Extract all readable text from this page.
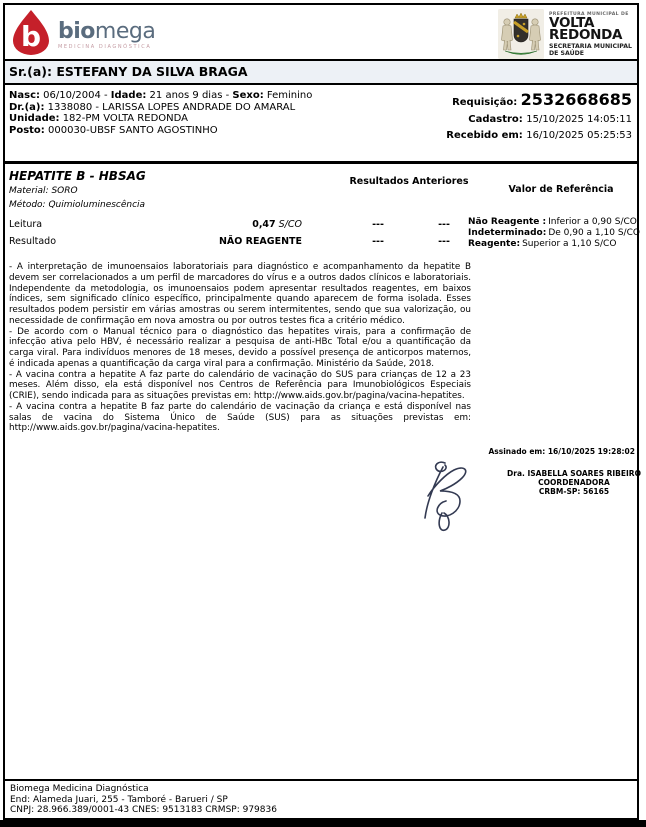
b biomega
MEDICINA DIAGNÓSTICA
PREFEITURA MUNICIPAL DE
VOLTA
REDONDA
SECRETARIA MUNICIPAL
DE SAÚDE
Sr.(a): ESTEFANY DA SILVA BRAGA
Nasc: 06/10/2004 - Idade: 21 anos 9 dias - Sexo: Feminino
Dr.(a): 1338080 - LARISSA LOPES ANDRADE DO AMARAL
Unidade: 182-PM VOLTA REDONDA
Posto: 000030-UBSF SANTO AGOSTINHO
Requisição: 2532668685
Cadastro: 15/10/2025 14:05:11
Recebido em: 16/10/2025 05:25:53
HEPATITE B - HBSAG
Material: SORO
Método: Quimioluminescência
Resultados Anteriores
Valor de Referência
Leitura	0,47 S/CO	---	---
Resultado	NÃO REAGENTE	---	---
Não Reagente : Inferior a 0,90 S/CO
Indeterminado: De 0,90 a 1,10 S/CO
Reagente: Superior a 1,10 S/CO

- A interpretação de imunoensaios laboratoriais para diagnóstico e acompanhamento da hepatite B devem ser correlacionados a um perfil de marcadores do vírus e a outros dados clínicos e laboratoriais. Independente da metodologia, os imunoensaios podem apresentar resultados reagentes, em baixos índices, sem significado clínico específico, principalmente quando aparecem de forma isolada. Esses resultados podem persistir em várias amostras ou serem intermitentes, sendo que sua valorização, ou necessidade de confirmação em nova amostra ou por outros testes fica a critério médico.

- De acordo com o Manual técnico para o diagnóstico das hepatites virais, para a confirmação de infecção ativa pelo HBV, é necessário realizar a pesquisa de anti-HBc Total e/ou a quantificação da carga viral. Para indivíduos menores de 18 meses, devido a possível presença de anticorpos maternos, é indicada apenas a quantificação da carga viral para a confirmação. Ministério da Saúde, 2018.

- A vacina contra a hepatite A faz parte do calendário de vacinação do SUS para crianças de 12 a 23 meses. Além disso, ela está disponível nos Centros de Referência para Imunobiológicos Especiais (CRIE), sendo indicada para as situações previstas em: http://www.aids.gov.br/pagina/vacina-hepatites.

- A vacina contra a hepatite B faz parte do calendário de vacinação da criança e está disponível nas salas de vacina do Sistema Único de Saúde (SUS) para as situações previstas em: http://www.aids.gov.br/pagina/vacina-hepatites.

Assinado em: 16/10/2025 19:28:02
Dra. ISABELLA SOARES RIBEIRO
COORDENADORA
CRBM-SP: 56165
Biomega Medicina Diagnóstica
End: Alameda Juari, 255 - Tamboré - Barueri / SP
CNPJ: 28.966.389/0001-43 CNES: 9513183 CRMSP: 979836
